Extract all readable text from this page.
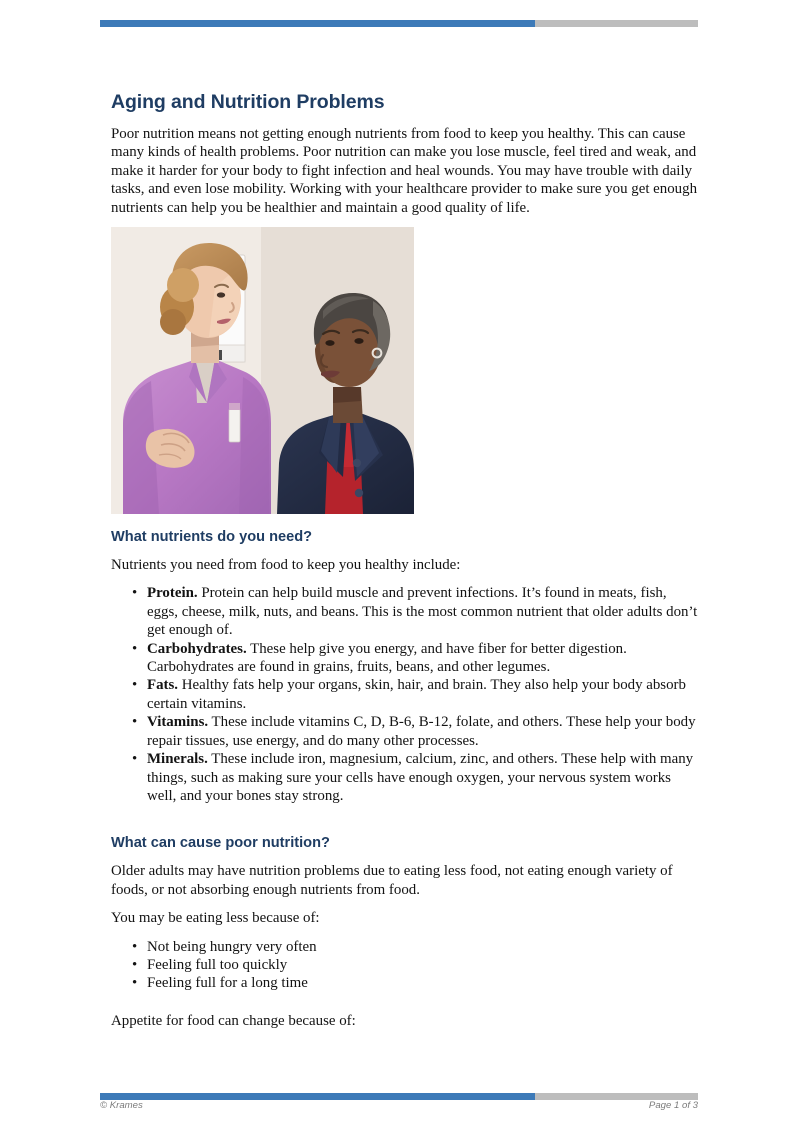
Aging and Nutrition Problems

Poor nutrition means not getting enough nutrients from food to keep you healthy. This can cause many kinds of health problems. Poor nutrition can make you lose muscle, feel tired and weak, and make it harder for your body to fight infection and heal wounds. You may have trouble with daily tasks, and even lose mobility. Working with your healthcare provider to make sure you get enough nutrients can help you be healthier and maintain a good quality of life.

What nutrients do you need?

Nutrients you need from food to keep you healthy include:

• Protein. Protein can help build muscle and prevent infections. It’s found in meats, fish, eggs, cheese, milk, nuts, and beans. This is the most common nutrient that older adults don’t get enough of.
• Carbohydrates. These help give you energy, and have fiber for better digestion. Carbohydrates are found in grains, fruits, beans, and other legumes.
• Fats. Healthy fats help your organs, skin, hair, and brain. They also help your body absorb certain vitamins.
• Vitamins. These include vitamins C, D, B-6, B-12, folate, and others. These help your body repair tissues, use energy, and do many other processes.
• Minerals. These include iron, magnesium, calcium, zinc, and others. These help with many things, such as making sure your cells have enough oxygen, your nervous system works well, and your bones stay strong.
What can cause poor nutrition?

Older adults may have nutrition problems due to eating less food, not eating enough variety of foods, or not absorbing enough nutrients from food.

You may be eating less because of:

• Not being hungry very often
• Feeling full too quickly
• Feeling full for a long time

Appetite for food can change because of:

© Krames	Page 1 of 3
